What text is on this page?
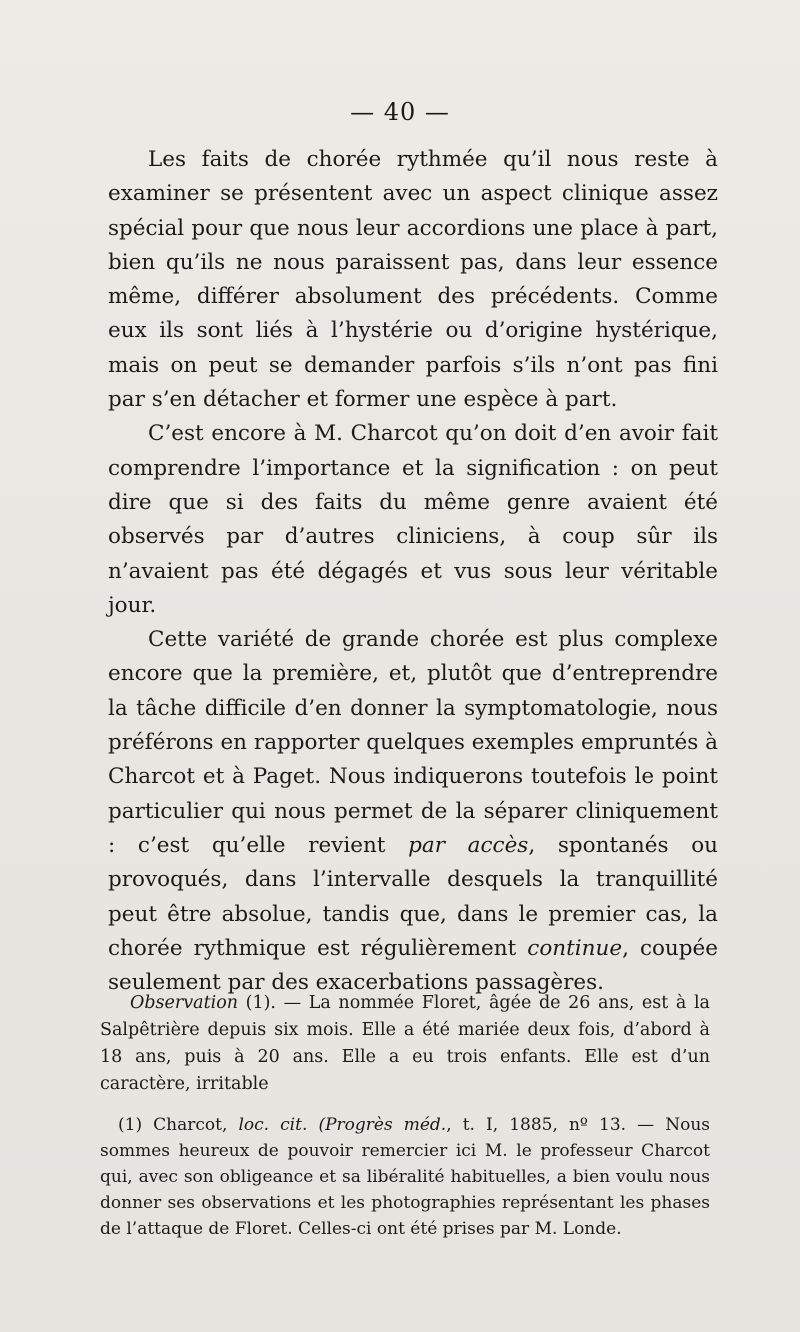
— 40 —

Les faits de chorée rythmée qu’il nous reste à examiner se présentent avec un aspect clinique assez spécial pour que nous leur accordions une place à part, bien qu’ils ne nous paraissent pas, dans leur essence même, différer absolument des précédents. Comme eux ils sont liés à l’hystérie ou d’origine hystérique, mais on peut se demander parfois s’ils n’ont pas fini par s’en détacher et former une espèce à part.

C’est encore à M. Charcot qu’on doit d’en avoir fait comprendre l’importance et la signification : on peut dire que si des faits du même genre avaient été observés par d’autres cliniciens, à coup sûr ils n’avaient pas été dégagés et vus sous leur véritable jour.

Cette variété de grande chorée est plus complexe encore que la première, et, plutôt que d’entreprendre la tâche difficile d’en donner la symptomatologie, nous préférons en rapporter quelques exemples empruntés à Charcot et à Paget. Nous indiquerons toutefois le point particulier qui nous permet de la séparer cliniquement : c’est qu’elle revient par accès, spontanés ou provoqués, dans l’intervalle desquels la tranquillité peut être absolue, tandis que, dans le premier cas, la chorée rythmique est régulièrement continue, coupée seulement par des exacerbations passagères.

Observation (1). — La nommée Floret, âgée de 26 ans, est à la Salpêtrière depuis six mois. Elle a été mariée deux fois, d’abord à 18 ans, puis à 20 ans. Elle a eu trois enfants. Elle est d’un caractère, irritable
(1) Charcot, loc. cit. (Progrès méd., t. I, 1885, nº 13. — Nous sommes heureux de pouvoir remercier ici M. le professeur Charcot qui, avec son obligeance et sa libéralité habituelles, a bien voulu nous donner ses observations et les photographies représentant les phases de l’attaque de Floret. Celles-ci ont été prises par M. Londe.
